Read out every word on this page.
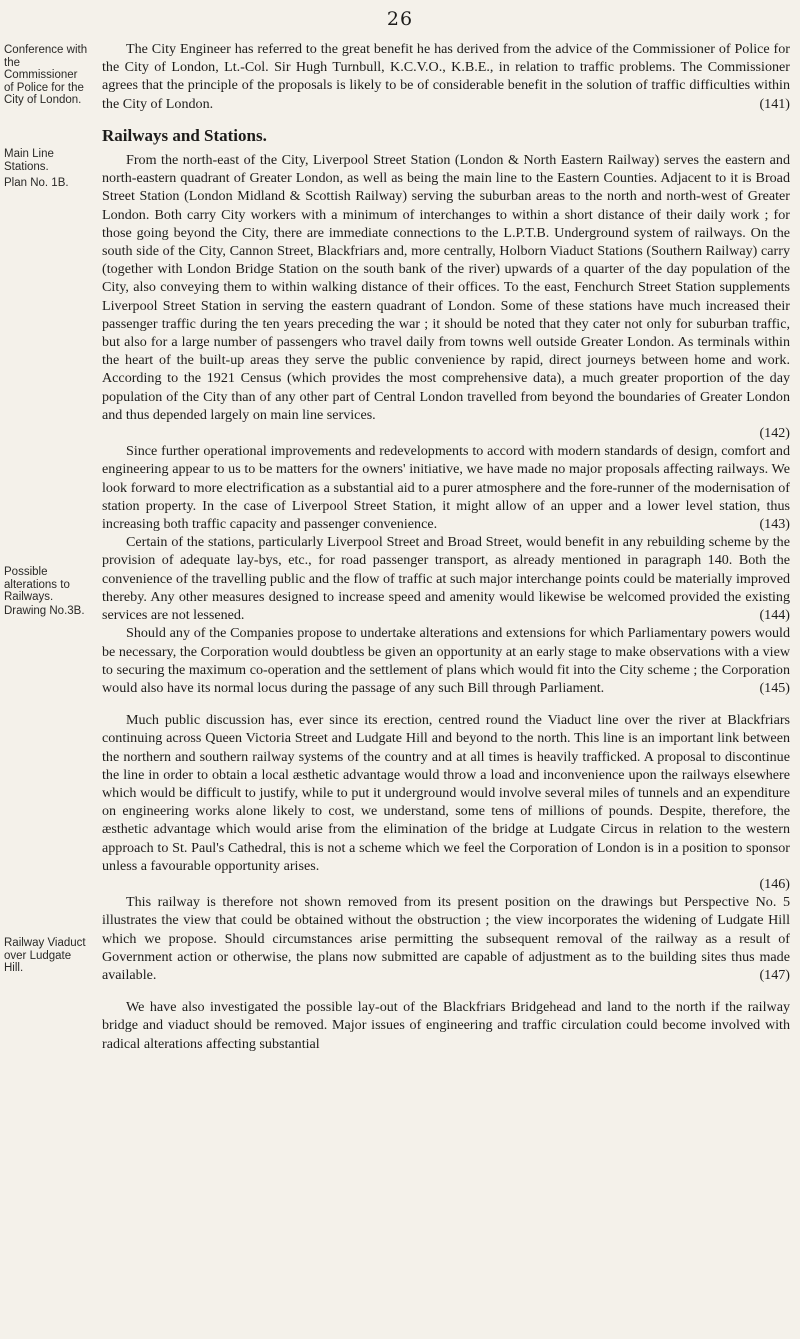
26
Conference with the Commissioner of Police for the City of London.
Main Line Stations.
Plan No. 1B.
Possible alterations to Railways.
Drawing No.3B.
Railway Viaduct over Ludgate Hill.

The City Engineer has referred to the great benefit he has derived from the advice of the Commissioner of Police for the City of London, Lt.-Col. Sir Hugh Turnbull, K.C.V.O., K.B.E., in relation to traffic problems. The Commissioner agrees that the principle of the proposals is likely to be of considerable benefit in the solution of traffic difficulties within the City of London.	(141)

Railways and Stations.

From the north-east of the City, Liverpool Street Station (London & North Eastern Railway) serves the eastern and north-eastern quadrant of Greater London, as well as being the main line to the Eastern Counties. Adjacent to it is Broad Street Station (London Midland & Scottish Railway) serving the suburban areas to the north and north-west of Greater London. Both carry City workers with a minimum of interchanges to within a short distance of their daily work ; for those going beyond the City, there are immediate connections to the L.P.T.B. Underground system of railways. On the south side of the City, Cannon Street, Blackfriars and, more centrally, Holborn Viaduct Stations (Southern Railway) carry (together with London Bridge Station on the south bank of the river) upwards of a quarter of the day population of the City, also conveying them to within walking distance of their offices. To the east, Fenchurch Street Station supplements Liverpool Street Station in serving the eastern quadrant of London. Some of these stations have much increased their passenger traffic during the ten years preceding the war ; it should be noted that they cater not only for suburban traffic, but also for a large number of passengers who travel daily from towns well outside Greater London. As terminals within the heart of the built-up areas they serve the public convenience by rapid, direct journeys between home and work. According to the 1921 Census (which provides the most comprehensive data), a much greater proportion of the day population of the City than of any other part of Central London travelled from beyond the boundaries of Greater London and thus depended largely on main line services.
(142)

Since further operational improvements and redevelopments to accord with modern standards of design, comfort and engineering appear to us to be matters for the owners' initiative, we have made no major proposals affecting railways. We look forward to more electrification as a substantial aid to a purer atmosphere and the fore-runner of the modernisation of station property. In the case of Liverpool Street Station, it might allow of an upper and a lower level station, thus increasing both traffic capacity and passenger convenience.	(143)

Certain of the stations, particularly Liverpool Street and Broad Street, would benefit in any rebuilding scheme by the provision of adequate lay-bys, etc., for road passenger transport, as already mentioned in paragraph 140. Both the convenience of the travelling public and the flow of traffic at such major interchange points could be materially improved thereby. Any other measures designed to increase speed and amenity would likewise be welcomed provided the existing services are not lessened.	(144)

Should any of the Companies propose to undertake alterations and extensions for which Parliamentary powers would be necessary, the Corporation would doubtless be given an opportunity at an early stage to make observations with a view to securing the maximum co-operation and the settlement of plans which would fit into the City scheme ; the Corporation would also have its normal locus during the passage of any such Bill through Parliament.	(145)

Much public discussion has, ever since its erection, centred round the Viaduct line over the river at Blackfriars continuing across Queen Victoria Street and Ludgate Hill and beyond to the north. This line is an important link between the northern and southern railway systems of the country and at all times is heavily trafficked. A proposal to discontinue the line in order to obtain a local æsthetic advantage would throw a load and inconvenience upon the railways elsewhere which would be difficult to justify, while to put it underground would involve several miles of tunnels and an expenditure on engineering works alone likely to cost, we understand, some tens of millions of pounds. Despite, therefore, the æsthetic advantage which would arise from the elimination of the bridge at Ludgate Circus in relation to the western approach to St. Paul's Cathedral, this is not a scheme which we feel the Corporation of London is in a position to sponsor unless a favourable opportunity arises.
(146)

This railway is therefore not shown removed from its present position on the drawings but Perspective No. 5 illustrates the view that could be obtained without the obstruction ; the view incorporates the widening of Ludgate Hill which we propose. Should circumstances arise permitting the subsequent removal of the railway as a result of Government action or otherwise, the plans now submitted are capable of adjustment as to the building sites thus made available.	(147)

We have also investigated the possible lay-out of the Blackfriars Bridgehead and land to the north if the railway bridge and viaduct should be removed. Major issues of engineering and traffic circulation could become involved with radical alterations affecting substantial
